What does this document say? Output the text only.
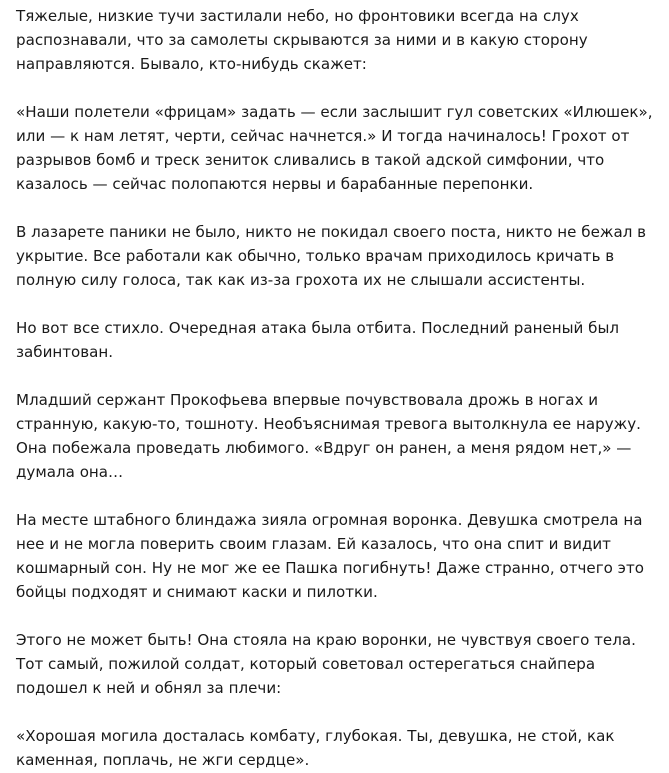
Тяжелые, низкие тучи застилали небо, но фронтовики всегда на слух распознавали, что за самолеты скрываются за ними и в какую сторону направляются. Бывало, кто-нибудь скажет:

«Наши полетели «фрицам» задать — если заслышит гул советских «Илюшек», или — к нам летят, черти, сейчас начнется.» И тогда начиналось! Грохот от разрывов бомб и треск зениток сливались в такой адской симфонии, что казалось — сейчас полопаются нервы и барабанные перепонки.

В лазарете паники не было, никто не покидал своего поста, никто не бежал в укрытие. Все работали как обычно, только врачам приходилось кричать в полную силу голоса, так как из-за грохота их не слышали ассистенты.

Но вот все стихло. Очередная атака была отбита. Последний раненый был забинтован.

Младший сержант Прокофьева впервые почувствовала дрожь в ногах и странную, какую-то, тошноту. Необъяснимая тревога вытолкнула ее наружу. Она побежала проведать любимого. «Вдруг он ранен, а меня рядом нет,» — думала она…

На месте штабного блиндажа зияла огромная воронка. Девушка смотрела на нее и не могла поверить своим глазам. Ей казалось, что она спит и видит кошмарный сон. Ну не мог же ее Пашка погибнуть! Даже странно, отчего это бойцы подходят и снимают каски и пилотки.

Этого не может быть! Она стояла на краю воронки, не чувствуя своего тела. Тот самый, пожилой солдат, который советовал остерегаться снайпера подошел к ней и обнял за плечи:

«Хорошая могила досталась комбату, глубокая. Ты, девушка, не стой, как каменная, поплачь, не жги сердце».
